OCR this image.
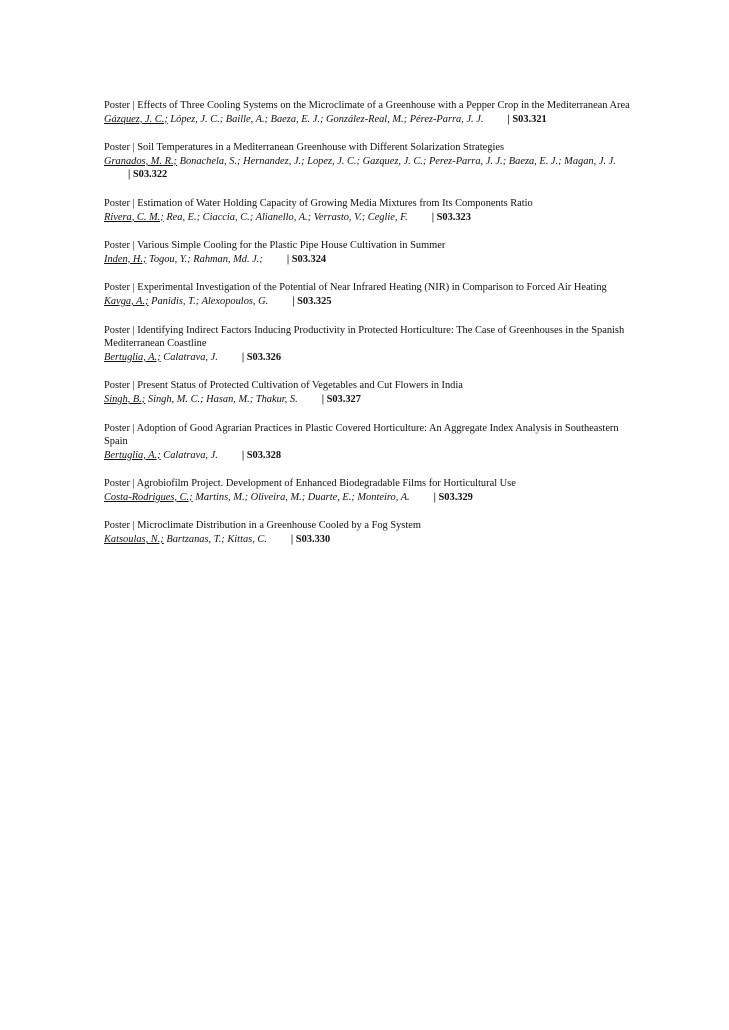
Poster | Effects of Three Cooling Systems on the Microclimate of a Greenhouse with a Pepper Crop in the Mediterranean Area

Gázquez, J. C.; López, J. C.; Baille, A.; Baeza, E. J.; González-Real, M.; Pérez-Parra, J. J. | S03.321

Poster | Soil Temperatures in a Mediterranean Greenhouse with Different Solarization Strategies

Granados, M. R.; Bonachela, S.; Hernandez, J.; Lopez, J. C.; Gazquez, J. C.; Perez-Parra, J. J.; Baeza, E. J.; Magan, J. J.| S03.322

Poster | Estimation of Water Holding Capacity of Growing Media Mixtures from Its Components Ratio

Rivera, C. M.; Rea, E.; Ciaccia, C.; Alianello, A.; Verrasto, V.; Ceglie, F. | S03.323

Poster | Various Simple Cooling for the Plastic Pipe House Cultivation in Summer

Inden, H.; Togou, Y.; Rahman, Md. J.; | S03.324

Poster | Experimental Investigation of the Potential of Near Infrared Heating (NIR) in Comparison to Forced Air Heating

Kavga, A.; Panidis, T.; Alexopoulos, G. | S03.325

Poster | Identifying Indirect Factors Inducing Productivity in Protected Horticulture: The Case of Greenhouses in the Spanish Mediterranean Coastline

Bertuglia, A.; Calatrava, J. | S03.326

Poster | Present Status of Protected Cultivation of Vegetables and Cut Flowers in India

Singh, B.; Singh, M. C.; Hasan, M.; Thakur, S. | S03.327

Poster | Adoption of Good Agrarian Practices in Plastic Covered Horticulture: An Aggregate Index Analysis in Southeastern Spain

Bertuglia, A.; Calatrava, J. | S03.328

Poster | Agrobiofilm Project. Development of Enhanced Biodegradable Films for Horticultural Use

Costa-Rodrigues, C.; Martins, M.; Oliveira, M.; Duarte, E.; Monteiro, A. | S03.329

Poster | Microclimate Distribution in a Greenhouse Cooled by a Fog System

Katsoulas, N.; Bartzanas, T.; Kittas, C. | S03.330
